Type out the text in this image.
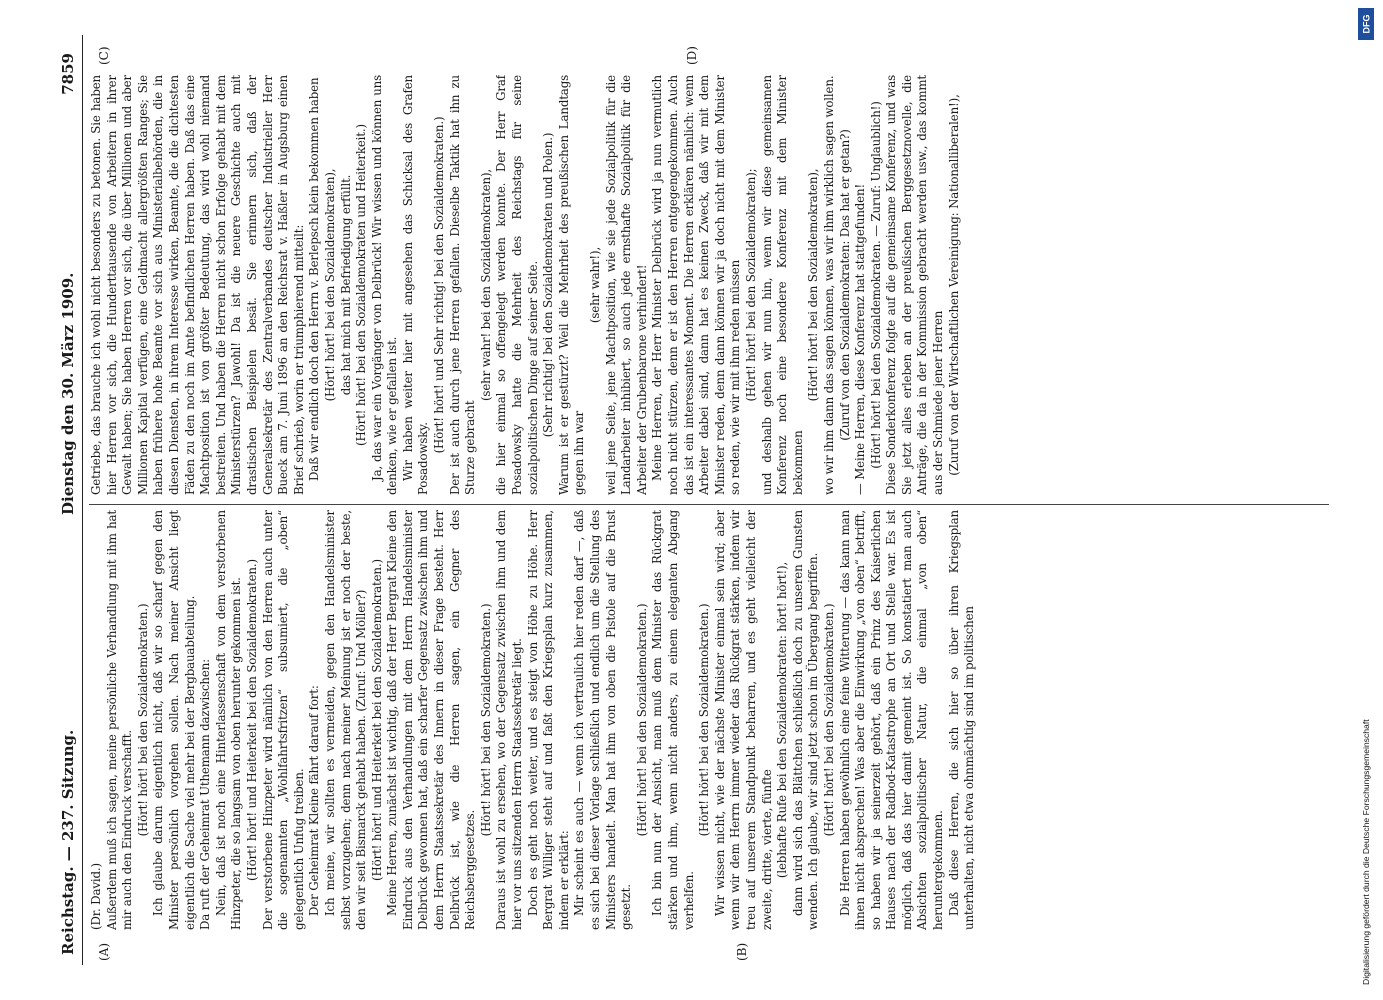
Reichstag. — 237. Sitzung.
Dienstag den 30. März 1909.
7859
(A)	(B)
(C)	(D)

(Dr. David.) Außerdem muß ich sagen, meine persönliche Verhandlung mit ihm hat mir auch den Eindruck verschafft. (Hört! hört! bei den Sozialdemokraten.) Ich glaube darum eigentlich nicht, daß wir so scharf gegen den Minister persönlich vorgehen sollen. Nach meiner Ansicht liegt eigentlich die Sache viel mehr bei der Bergbauabteilung. Da ruft der Geheimrat Uthemann dazwischen: Nein, daß ist noch eine Hinterlassenschaft von dem verstorbenen Hinzpeter, die so langsam von oben herunter gekommen ist. (Hört! hört! und Heiterkeit bei den Sozialdemokraten.) Der verstorbene Hinzpeter wird nämlich von den Herren auch unter die sogenannten „Wohlfahrtsfritzen“ subsumiert, die „oben“ gelegentlich Unfug treiben. Der Geheimrat Kleine fährt darauf fort: Ich meine, wir sollten es vermeiden, gegen den Handelsminister selbst vorzugehen; denn nach meiner Meinung ist er noch der beste, den wir seit Bismarck gehabt haben. (Zuruf: Und Möller?) (Hört! hört! und Heiterkeit bei den Sozialdemokraten.) Meine Herren, zunächst ist wichtig, daß der Herr Bergrat Kleine den Eindruck aus den Verhandlungen mit dem Herrn Handelsminister Delbrück gewonnen hat, daß ein scharfer Gegensatz zwischen ihm und dem Herrn Staatssekretär des Innern in dieser Frage besteht. Herr Delbrück ist, wie die Herren sagen, ein Gegner des Reichsberggesetzes.

(Hört! hört! bei den Sozialdemokraten.) Daraus ist wohl zu ersehen, wo der Gegensatz zwischen ihm und dem hier vor uns sitzenden Herrn Staatssekretär liegt. Doch es geht noch weiter, und es steigt von Höhe zu Höhe. Herr Bergrat Williger steht auf und faßt den Kriegsplan kurz zusammen, indem er erklärt: Mir scheint es auch — wenn ich vertraulich hier reden darf —, daß es sich bei dieser Vorlage schließlich und endlich um die Stellung des Ministers handelt. Man hat ihm von oben die Pistole auf die Brust gesetzt.

(Hört! hört! bei den Sozialdemokraten.) Ich bin nun der Ansicht, man muß dem Minister das Rückgrat stärken und ihm, wenn nicht anders, zu einem eleganten Abgang verhelfen.

(Hört! hört! bei den Sozialdemokraten.) Wir wissen nicht, wie der nächste Minister einmal sein wird; aber wenn wir dem Herrn immer wieder das Rückgrat stärken, indem wir treu auf unserem Standpunkt beharren, und es geht vielleicht der zweite, dritte, vierte, fünfte (lebhafte Rufe bei den Sozialdemokraten: hört! hört!), dann wird sich das Blättchen schließlich doch zu unseren Gunsten wenden. Ich glaube, wir sind jetzt schon im Übergang begriffen. (Hört! hört! bei den Sozialdemokraten.) Die Herren haben gewöhnlich eine feine Witterung — das kann man ihnen nicht absprechen! Was aber die Einwirkung „von oben“ betrifft, so haben wir ja seinerzeit gehört, daß ein Prinz des Kaiserlichen Hauses nach der Radbod-Katastrophe an Ort und Stelle war. Es ist möglich, daß das hier damit gemeint ist. So konstatiert man auch Absichten sozialpolitischer Natur, die einmal „von oben“ heruntergekommen. Daß diese Herren, die sich hier so über ihren Kriegsplan unterhalten, nicht etwa ohnmächtig sind im politischen

Getriebe, das brauche ich wohl nicht besonders zu betonen. Sie haben hier Herren vor sich, die Hunderttausende von Arbeitern in ihrer Gewalt haben; Sie haben Herren vor sich, die über Millionen und aber Millionen Kapital verfügen, eine Geldmacht allergrößten Ranges; Sie haben frühere hohe Beamte vor sich aus Ministerialbehörden, die in diesen Diensten, in ihrem Interesse wirken, Beamte, die die dichtesten Fäden zu den noch im Amte befindlichen Herren haben. Daß das eine Machtposition ist von größter Bedeutung, das wird wohl niemand bestreiten. Und haben die Herren nicht schon Erfolge gehabt mit dem Ministerstürzen? Jawohl! Da ist die neuere Geschichte auch mit drastischen Beispielen besät. Sie erinnern sich, daß der Generalsekretär des Zentralverbandes deutscher Industrieller Herr Bueck am 7. Juni 1896 an den Reichsrat v. Haßler in Augsburg einen Brief schrieb, worin er triumphierend mitteilt: Daß wir endlich doch den Herrn v. Berlepsch klein bekommen haben (Hört! hört! bei den Sozialdemokraten), das hat mich mit Befriedigung erfüllt. (Hört! hört! bei den Sozialdemokraten und Heiterkeit.) Ja, das war ein Vorgänger von Delbrück! Wir wissen und können uns denken, wie er gefallen ist. Wir haben weiter hier mit angesehen das Schicksal des Grafen Posadowsky.

(Hört! hört! und Sehr richtig! bei den Sozialdemokraten.) Der ist auch durch jene Herren gefallen. Dieselbe Taktik hat ihn zu Sturze gebracht

(sehr wahr! bei den Sozialdemokraten), die hier einmal so offengelegt werden konnte. Der Herr Graf Posadowsky hatte die Mehrheit des Reichstags für seine sozialpolitischen Dinge auf seiner Seite. (Sehr richtig! bei den Sozialdemokraten und Polen.) Warum ist er gestürzt? Weil die Mehrheit des preußischen Landtags gegen ihn war

(sehr wahr!), weil jene Seite, jene Machtposition, wie sie jede Sozialpolitik für die Landarbeiter inhibiert, so auch jede ernsthafte Sozialpolitik für die Arbeiter der Grubenbarone verhindert! Meine Herren, der Herr Minister Delbrück wird ja nun vermutlich noch nicht stürzen, denn er ist den Herren entgegengekommen. Auch das ist ein interessantes Moment. Die Herren erklären nämlich: wenn Arbeiter dabei sind, dann hat es keinen Zweck, daß wir mit dem Minister reden, denn dann können wir ja doch nicht mit dem Minister so reden, wie wir mit ihm reden müssen (Hört! hört! bei den Sozialdemokraten); und deshalb gehen wir nun hin, wenn wir diese gemeinsamen Konferenz noch eine besondere Konferenz mit dem Minister bekommen

(Hört! hört! bei den Sozialdemokraten), wo wir ihm dann das sagen können, was wir ihm wirklich sagen wollen. (Zuruf von den Sozialdemokraten: Das hat er getan?) — Meine Herren, diese Konferenz hat stattgefunden! (Hört! hört! bei den Sozialdemokraten. — Zuruf: Unglaublich!) Diese Sonderkonferenz folgte auf die gemeinsame Konferenz, und was Sie jetzt alles erleben an der preußischen Berggesetznovelle, die Anträge, die da in der Kommission gebracht werden usw., das kommt aus der Schmiede jener Herren (Zuruf von der Wirtschaftlichen Vereinigung: Nationalliberalen!),

Digitalisierung gefördert durch die Deutsche Forschungsgemeinschaft
DFG
